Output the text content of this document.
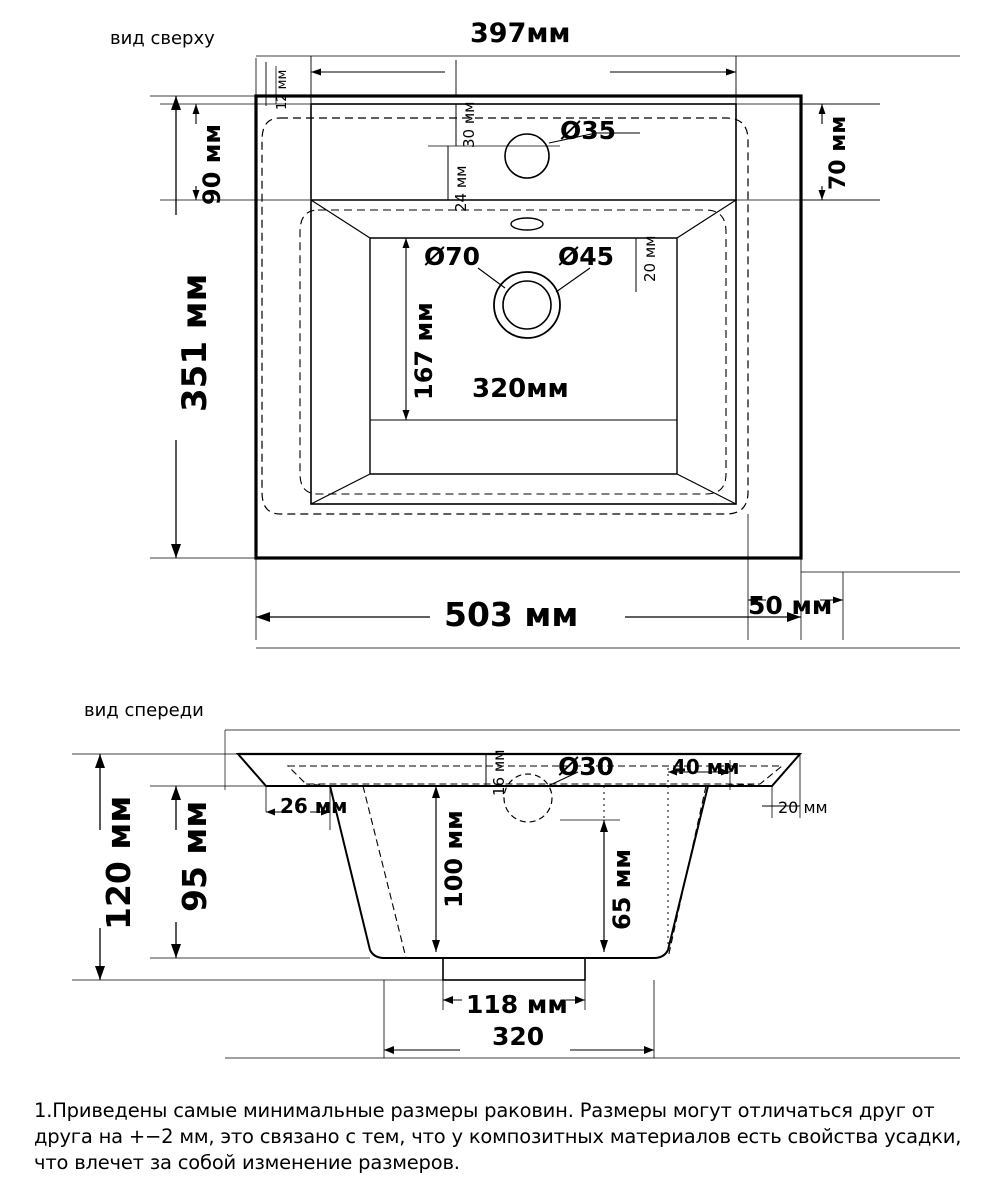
вид сверху	397мм
12 мм
90 мм
351 мм
30 мм
24 мм
Ø35	70 мм
Ø70	Ø45 20 мм
167 мм 320мм
503 мм	50 мм
вид спереди
16 мм Ø30	40 мм
20 мм
26 мм
100 мм	65 мм
120 мм 95 мм
118 мм
320
1.Приведены самые минимальные размеры раковин. Размеры могут отличаться друг от друга на +−2 мм, это связано с тем, что у композитных материалов есть свойства усадки, что влечет за собой изменение размеров.
